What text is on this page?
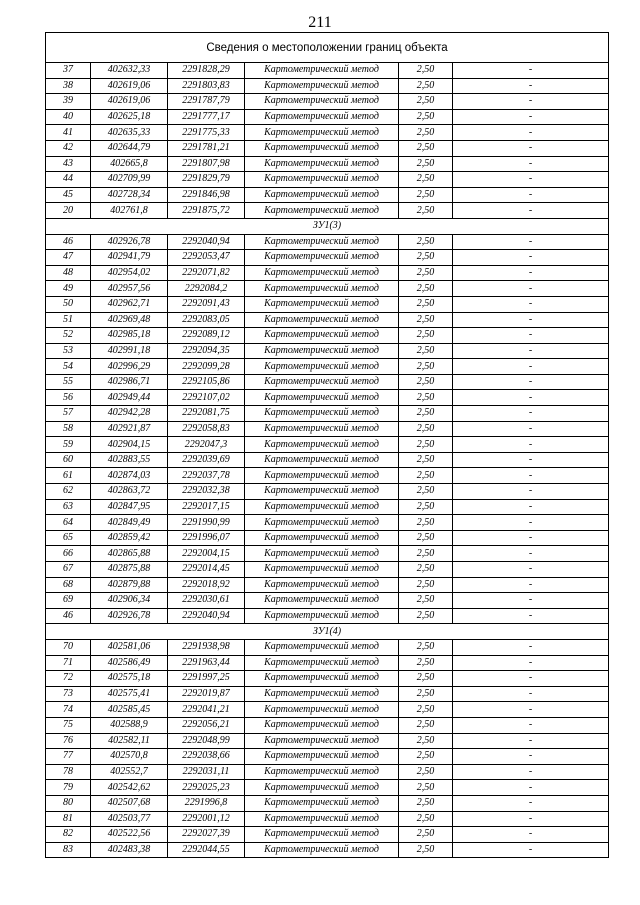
211
Сведения о местоположении границ объекта					
37	402632,33	2291828,29	Картометрический метод	2,50	-
38	402619,06	2291803,83	Картометрический метод	2,50	-
39	402619,06	2291787,79	Картометрический метод	2,50	-
40	402625,18	2291777,17	Картометрический метод	2,50	-
41	402635,33	2291775,33	Картометрический метод	2,50	-
42	402644,79	2291781,21	Картометрический метод	2,50	-
43	402665,8	2291807,98	Картометрический метод	2,50	-
44	402709,99	2291829,79	Картометрический метод	2,50	-
45	402728,34	2291846,98	Картометрический метод	2,50	-
20	402761,8	2291875,72	Картометрический метод	2,50	-
ЗУ1(3)					
46	402926,78	2292040,94	Картометрический метод	2,50	-
47	402941,79	2292053,47	Картометрический метод	2,50	-
48	402954,02	2292071,82	Картометрический метод	2,50	-
49	402957,56	2292084,2	Картометрический метод	2,50	-
50	402962,71	2292091,43	Картометрический метод	2,50	-
51	402969,48	2292083,05	Картометрический метод	2,50	-
52	402985,18	2292089,12	Картометрический метод	2,50	-
53	402991,18	2292094,35	Картометрический метод	2,50	-
54	402996,29	2292099,28	Картометрический метод	2,50	-
55	402986,71	2292105,86	Картометрический метод	2,50	-
56	402949,44	2292107,02	Картометрический метод	2,50	-
57	402942,28	2292081,75	Картометрический метод	2,50	-
58	402921,87	2292058,83	Картометрический метод	2,50	-
59	402904,15	2292047,3	Картометрический метод	2,50	-
60	402883,55	2292039,69	Картометрический метод	2,50	-
61	402874,03	2292037,78	Картометрический метод	2,50	-
62	402863,72	2292032,38	Картометрический метод	2,50	-
63	402847,95	2292017,15	Картометрический метод	2,50	-
64	402849,49	2291990,99	Картометрический метод	2,50	-
65	402859,42	2291996,07	Картометрический метод	2,50	-
66	402865,88	2292004,15	Картометрический метод	2,50	-
67	402875,88	2292014,45	Картометрический метод	2,50	-
68	402879,88	2292018,92	Картометрический метод	2,50	-
69	402906,34	2292030,61	Картометрический метод	2,50	-
46	402926,78	2292040,94	Картометрический метод	2,50	-
ЗУ1(4)					
70	402581,06	2291938,98	Картометрический метод	2,50	-
71	402586,49	2291963,44	Картометрический метод	2,50	-
72	402575,18	2291997,25	Картометрический метод	2,50	-
73	402575,41	2292019,87	Картометрический метод	2,50	-
74	402585,45	2292041,21	Картометрический метод	2,50	-
75	402588,9	2292056,21	Картометрический метод	2,50	-
76	402582,11	2292048,99	Картометрический метод	2,50	-
77	402570,8	2292038,66	Картометрический метод	2,50	-
78	402552,7	2292031,11	Картометрический метод	2,50	-
79	402542,62	2292025,23	Картометрический метод	2,50	-
80	402507,68	2291996,8	Картометрический метод	2,50	-
81	402503,77	2292001,12	Картометрический метод	2,50	-
82	402522,56	2292027,39	Картометрический метод	2,50	-
83	402483,38	2292044,55	Картометрический метод	2,50	-
